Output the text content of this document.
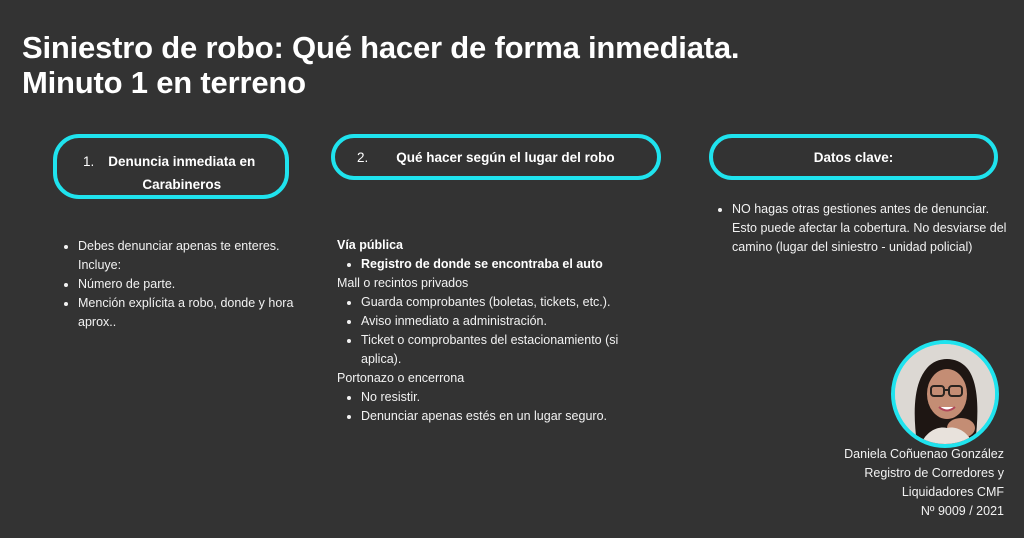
Siniestro de robo: Qué hacer de forma inmediata.
Minuto 1 en terreno
1. Denuncia inmediata en
Carabineros
Debes denunciar apenas te enteres. Incluye:
Número de parte.
Mención explícita a robo, donde y hora aprox..
2. Qué hacer según el lugar del robo
Vía pública
Registro de donde se encontraba el auto
Mall o recintos privados
Guarda comprobantes (boletas, tickets, etc.).
Aviso inmediato a administración.
Ticket o comprobantes del estacionamiento (si aplica).
Portonazo o encerrona
No resistir.
Denunciar apenas estés en un lugar seguro.
Datos clave:
NO hagas otras gestiones antes de denunciar. Esto puede afectar la cobertura. No desviarse del camino (lugar del siniestro - unidad policial)
Daniela Coñuenao González
Registro de Corredores y
Liquidadores CMF
Nº 9009 / 2021
